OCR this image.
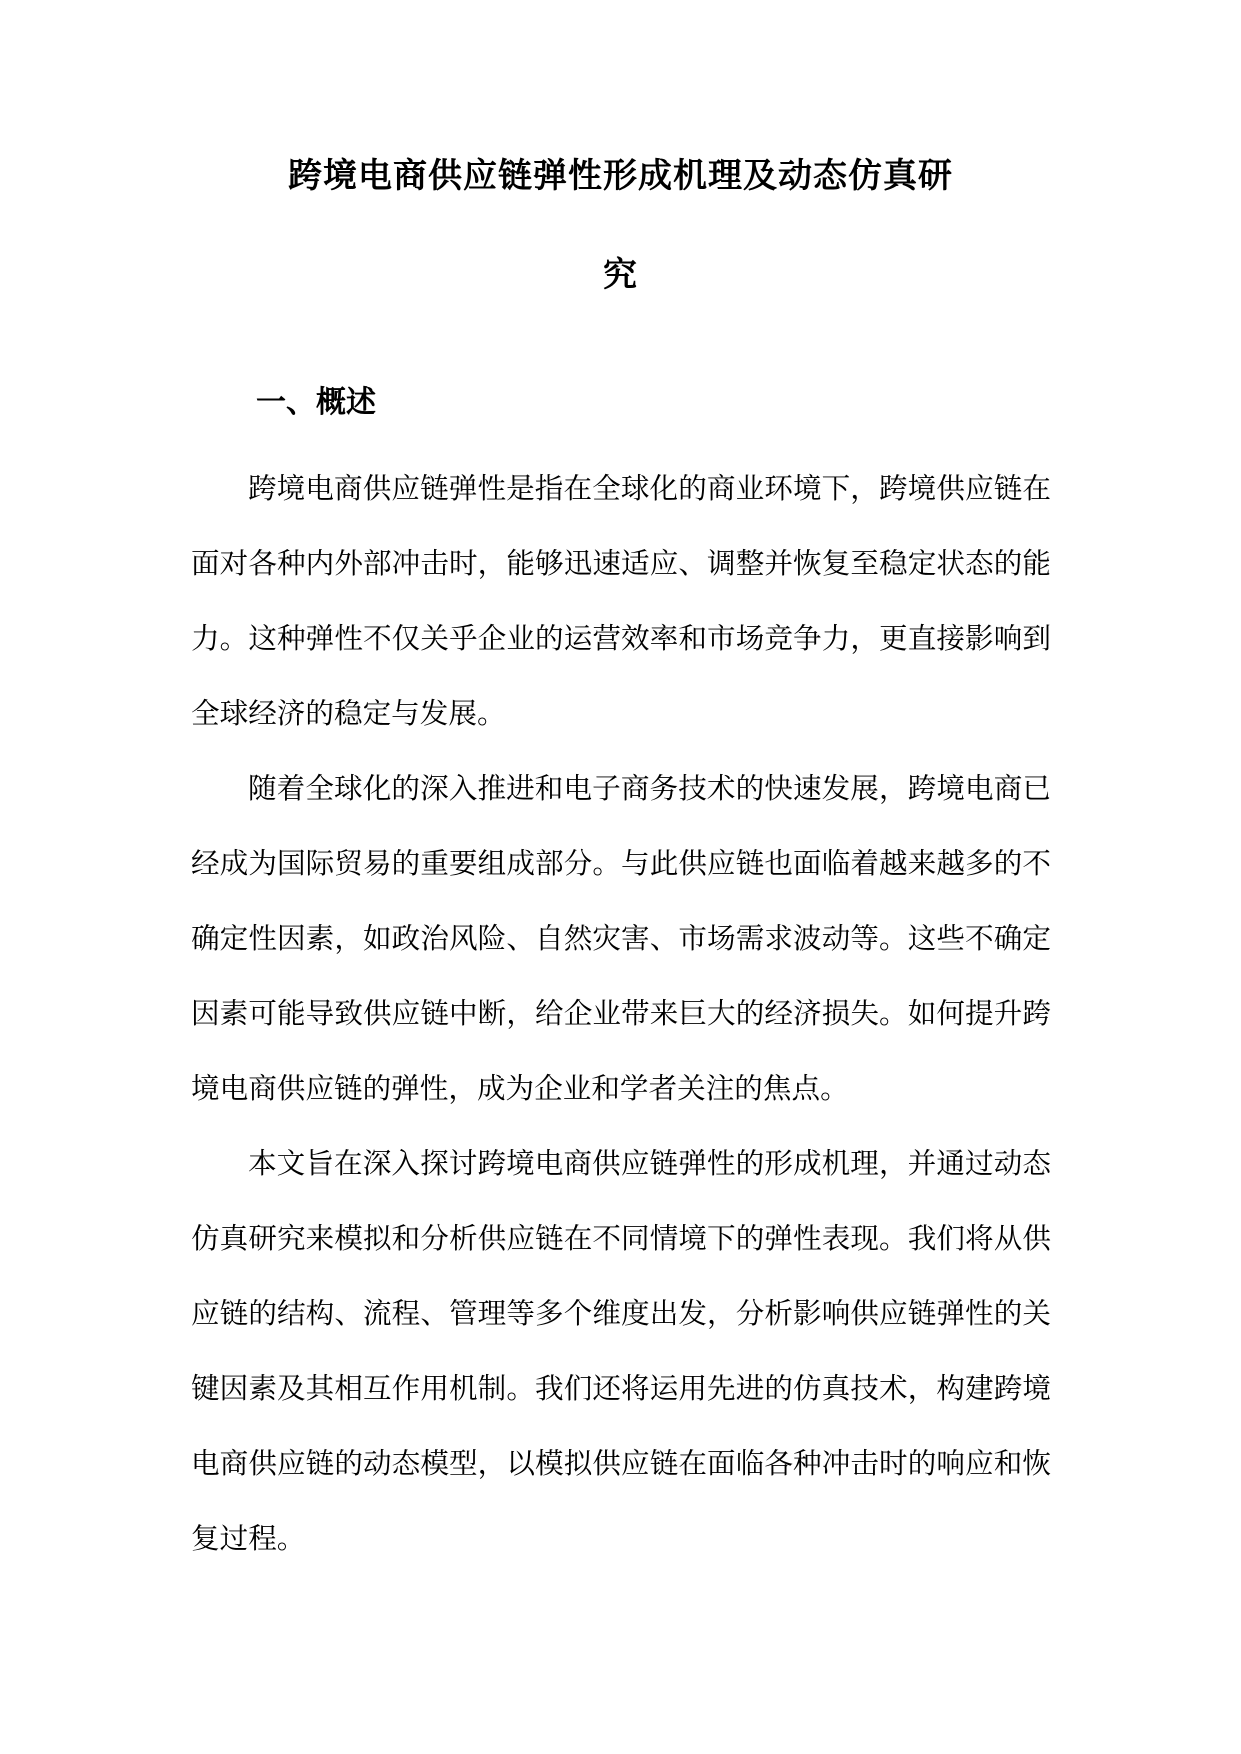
跨境电商供应链弹性形成机理及动态仿真研
究
一、概述

跨境电商供应链弹性是指在全球化的商业环境下，跨境供应链在面对各种内外部冲击时，能够迅速适应、调整并恢复至稳定状态的能力。这种弹性不仅关乎企业的运营效率和市场竞争力，更直接影响到全球经济的稳定与发展。

随着全球化的深入推进和电子商务技术的快速发展，跨境电商已经成为国际贸易的重要组成部分。与此供应链也面临着越来越多的不确定性因素，如政治风险、自然灾害、市场需求波动等。这些不确定因素可能导致供应链中断，给企业带来巨大的经济损失。如何提升跨境电商供应链的弹性，成为企业和学者关注的焦点。

本文旨在深入探讨跨境电商供应链弹性的形成机理，并通过动态仿真研究来模拟和分析供应链在不同情境下的弹性表现。我们将从供应链的结构、流程、管理等多个维度出发，分析影响供应链弹性的关键因素及其相互作用机制。我们还将运用先进的仿真技术，构建跨境电商供应链的动态模型，以模拟供应链在面临各种冲击时的响应和恢复过程。
